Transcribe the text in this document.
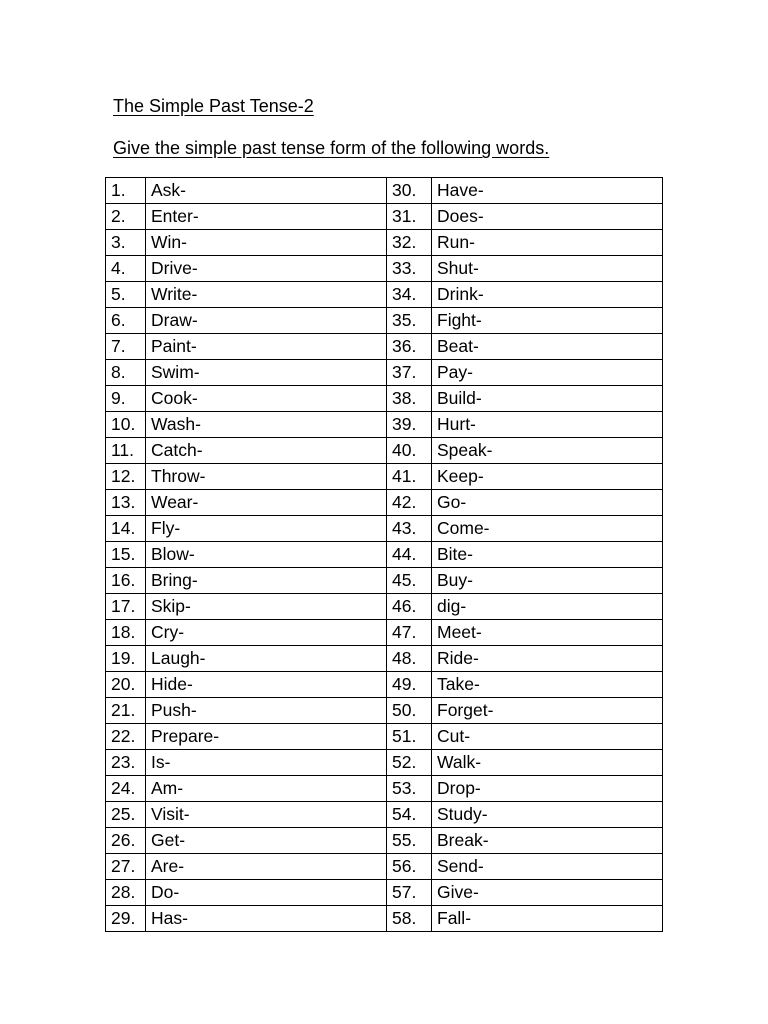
The Simple Past Tense-2
Give the simple past tense form of the following words.
1.	Ask-	30.	Have-
2.	Enter-	31.	Does-
3.	Win-	32.	Run-
4.	Drive-	33.	Shut-
5.	Write-	34.	Drink-
6.	Draw-	35.	Fight-
7.	Paint-	36.	Beat-
8.	Swim-	37.	Pay-
9.	Cook-	38.	Build-
10.	Wash-	39.	Hurt-
11.	Catch-	40.	Speak-
12.	Throw-	41.	Keep-
13.	Wear-	42.	Go-
14.	Fly-	43.	Come-
15.	Blow-	44.	Bite-
16.	Bring-	45.	Buy-
17.	Skip-	46.	dig-
18.	Cry-	47.	Meet-
19.	Laugh-	48.	Ride-
20.	Hide-	49.	Take-
21.	Push-	50.	Forget-
22.	Prepare-	51.	Cut-
23.	Is-	52.	Walk-
24.	Am-	53.	Drop-
25.	Visit-	54.	Study-
26.	Get-	55.	Break-
27.	Are-	56.	Send-
28.	Do-	57.	Give-
29.	Has-	58.	Fall-
